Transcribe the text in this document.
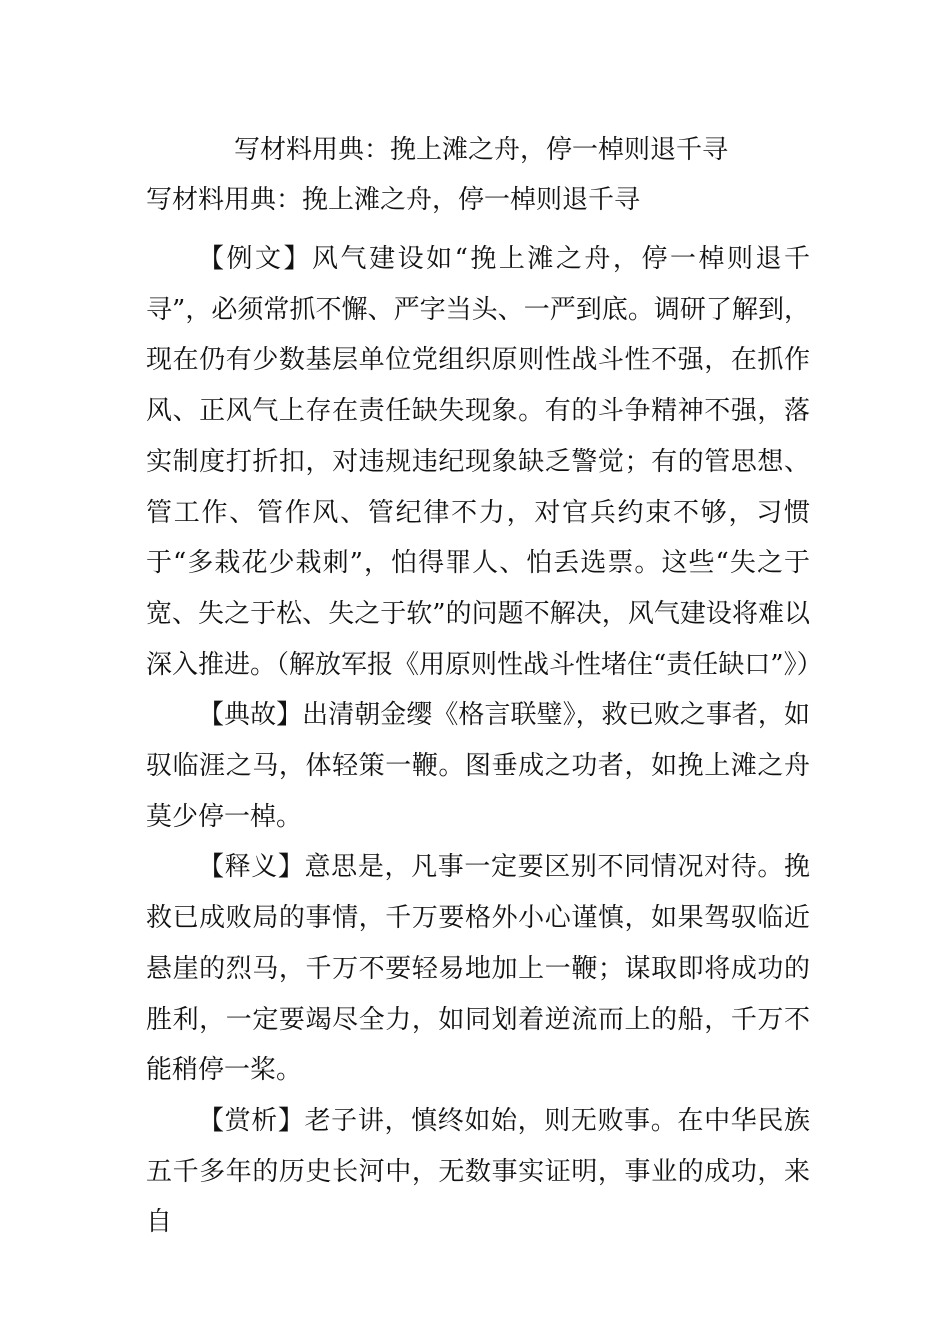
写材料用典：挽上滩之舟，停一棹则退千寻
写材料用典：挽上滩之舟，停一棹则退千寻

【例文】风气建设如“挽上滩之舟，停一棹则退千寻”，必须常抓不懈、严字当头、一严到底。调研了解到，现在仍有少数基层单位党组织原则性战斗性不强，在抓作风、正风气上存在责任缺失现象。有的斗争精神不强，落实制度打折扣，对违规违纪现象缺乏警觉；有的管思想、管工作、管作风、管纪律不力，对官兵约束不够，习惯于“多栽花少栽刺”，怕得罪人、怕丢选票。这些“失之于宽、失之于松、失之于软”的问题不解决，风气建设将难以深入推进。（解放军报《用原则性战斗性堵住“责任缺口”》）

【典故】出清朝金缨《格言联璧》，救已败之事者，如驭临涯之马，体轻策一鞭。图垂成之功者，如挽上滩之舟莫少停一棹。

【释义】意思是，凡事一定要区别不同情况对待。挽救已成败局的事情，千万要格外小心谨慎，如果驾驭临近悬崖的烈马，千万不要轻易地加上一鞭；谋取即将成功的胜利，一定要竭尽全力，如同划着逆流而上的船，千万不能稍停一桨。

【赏析】老子讲，慎终如始，则无败事。在中华民族五千多年的历史长河中，无数事实证明，事业的成功，来自
